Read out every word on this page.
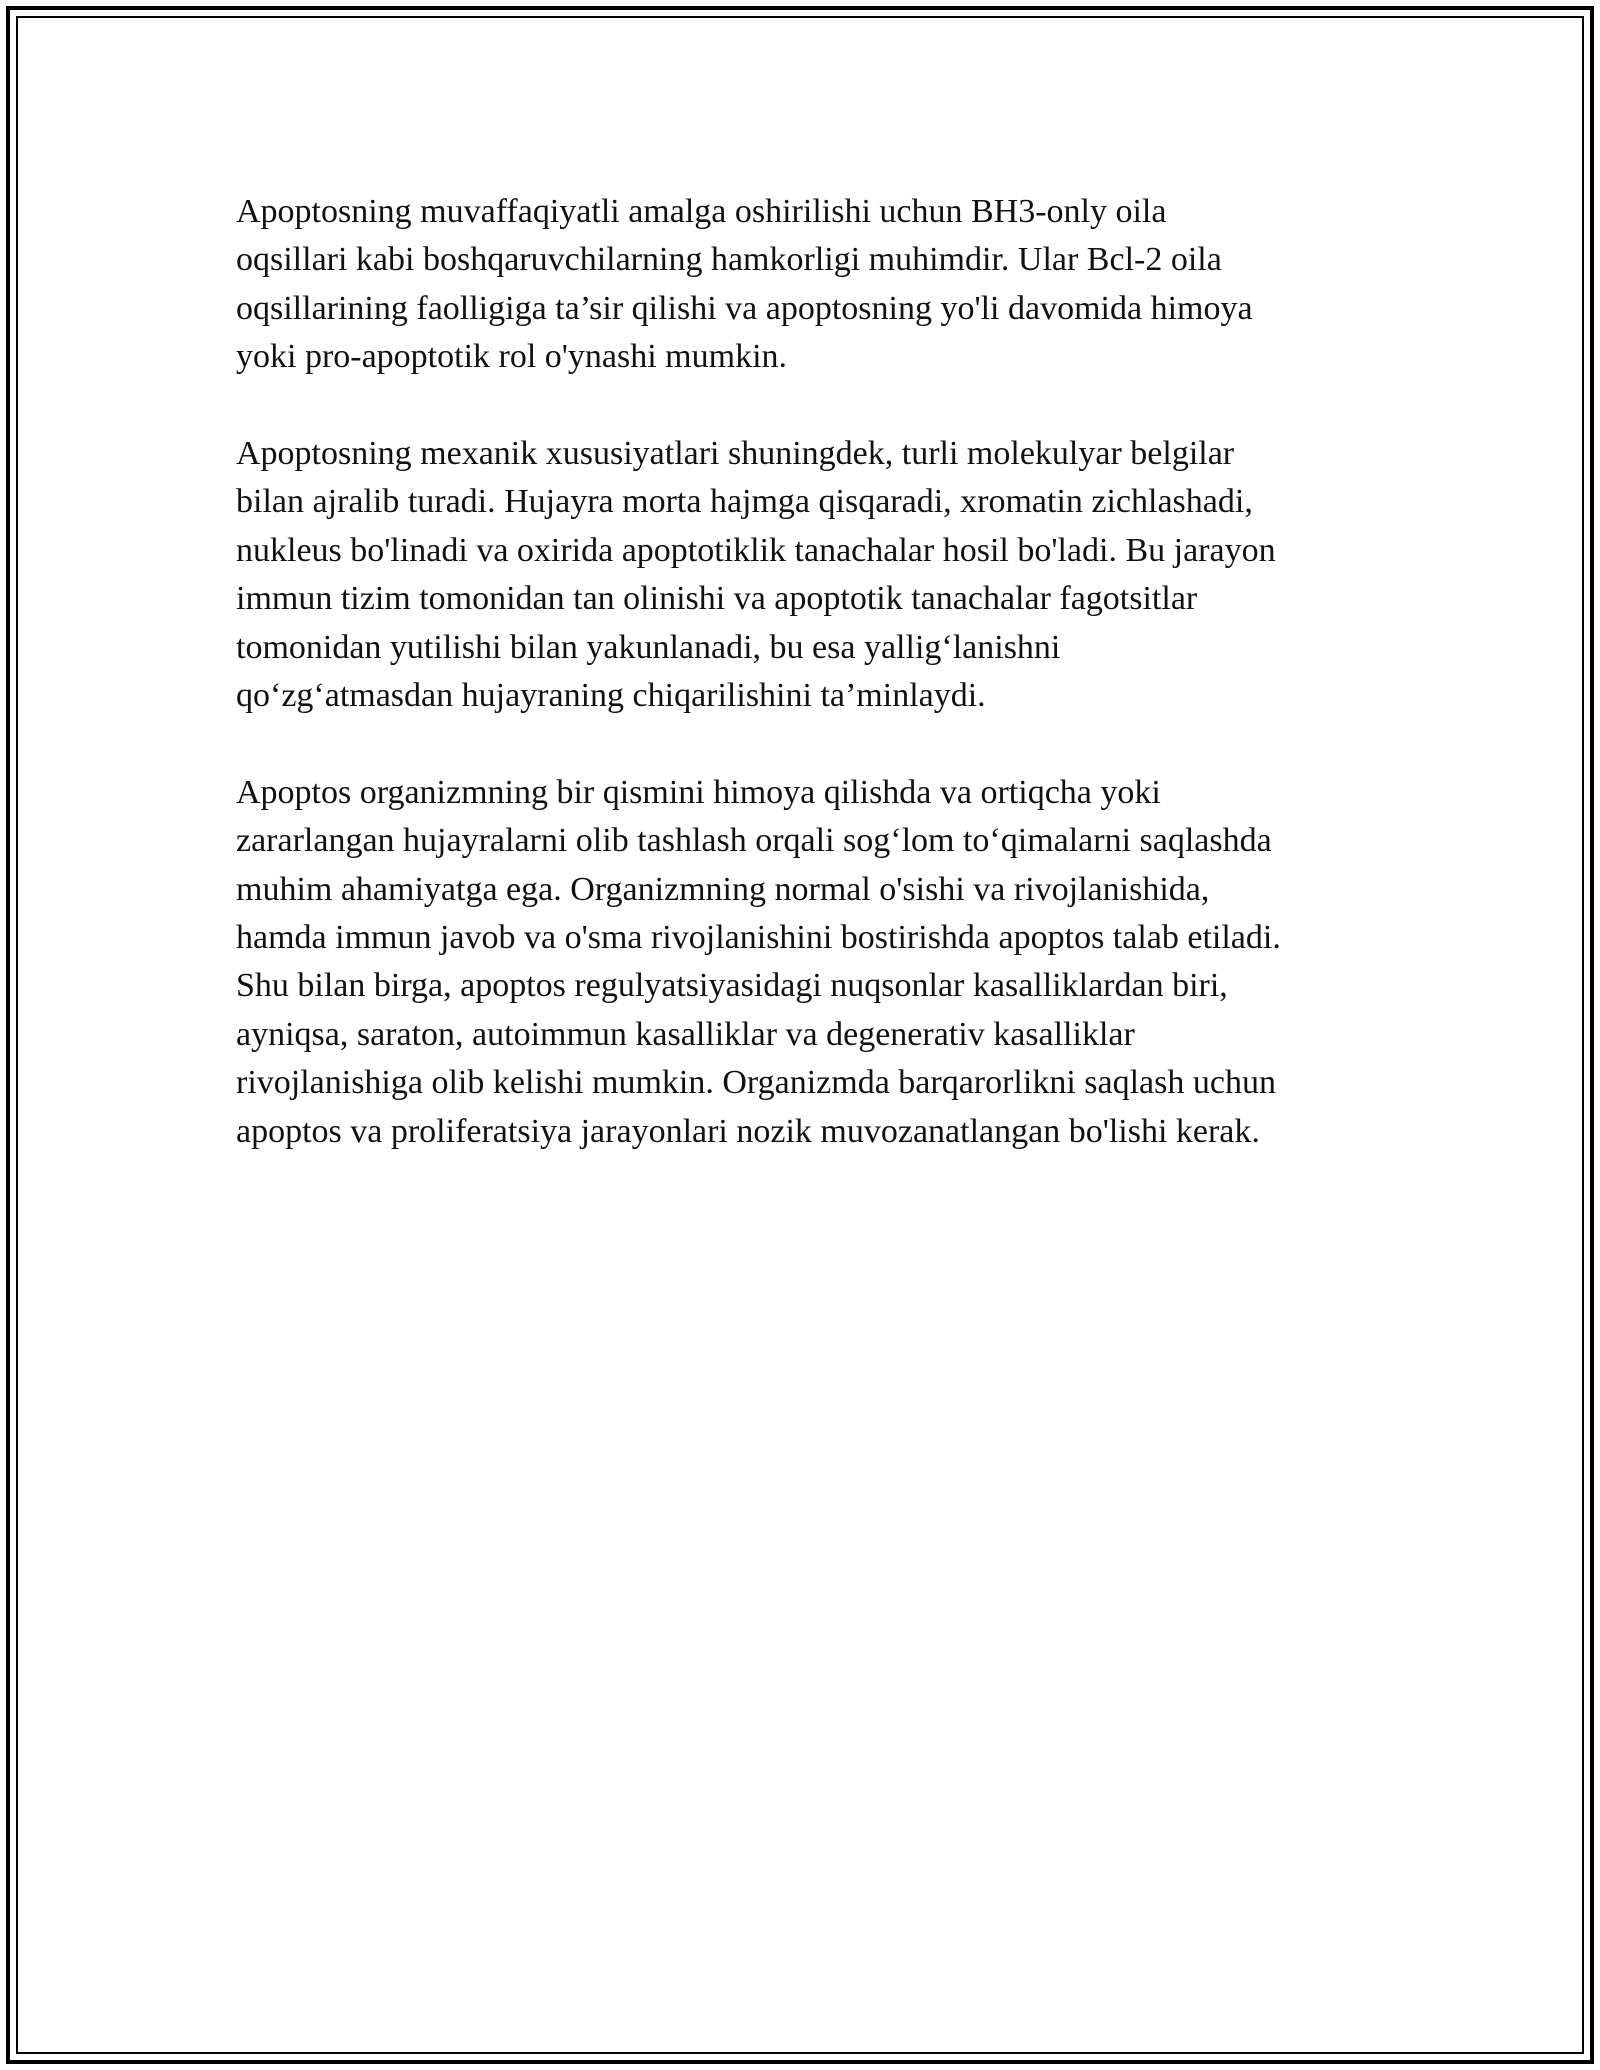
Apoptosning muvaffaqiyatli amalga oshirilishi uchun BH3-only oila
oqsillari kabi boshqaruvchilarning hamkorligi muhimdir. Ular Bcl-2 oila
oqsillarining faolligiga ta’sir qilishi va apoptosning yo'li davomida himoya
yoki pro-apoptotik rol o'ynashi mumkin.

Apoptosning mexanik xususiyatlari shuningdek, turli molekulyar belgilar
bilan ajralib turadi. Hujayra morta hajmga qisqaradi, xromatin zichlashadi,
nukleus bo'linadi va oxirida apoptotiklik tanachalar hosil bo'ladi. Bu jarayon
immun tizim tomonidan tan olinishi va apoptotik tanachalar fagotsitlar
tomonidan yutilishi bilan yakunlanadi, bu esa yallig‘lanishni
qo‘zg‘atmasdan hujayraning chiqarilishini ta’minlaydi.

Apoptos organizmning bir qismini himoya qilishda va ortiqcha yoki
zararlangan hujayralarni olib tashlash orqali sog‘lom to‘qimalarni saqlashda
muhim ahamiyatga ega. Organizmning normal o'sishi va rivojlanishida,
hamda immun javob va o'sma rivojlanishini bostirishda apoptos talab etiladi.
Shu bilan birga, apoptos regulyatsiyasidagi nuqsonlar kasalliklardan biri,
ayniqsa, saraton, autoimmun kasalliklar va degenerativ kasalliklar
rivojlanishiga olib kelishi mumkin. Organizmda barqarorlikni saqlash uchun
apoptos va proliferatsiya jarayonlari nozik muvozanatlangan bo'lishi kerak.
